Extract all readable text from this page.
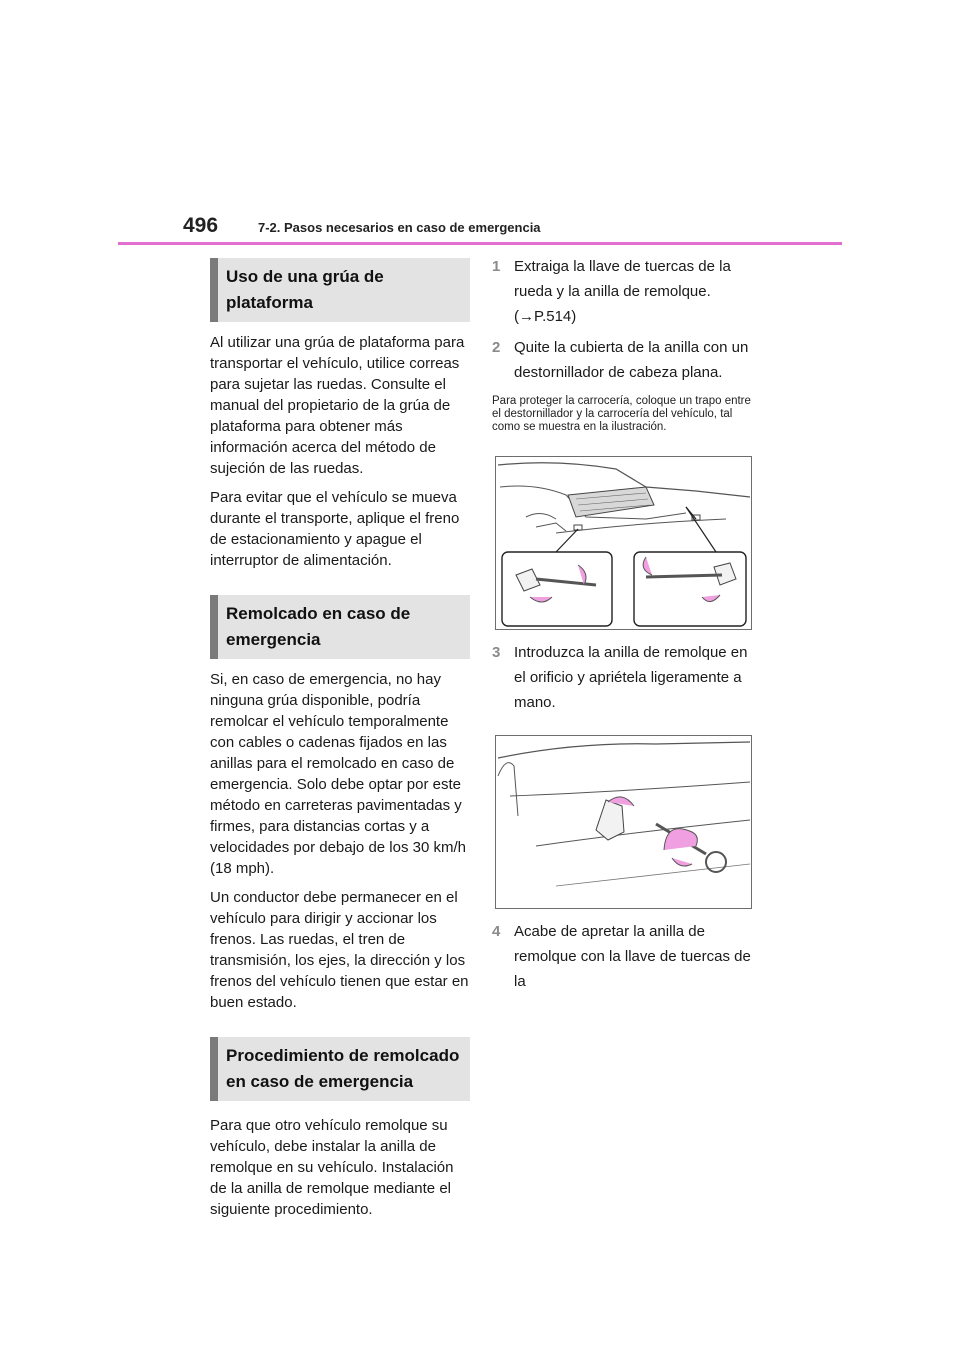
496	7-2. Pasos necesarios en caso de emergencia
Uso de una grúa de plataforma

Al utilizar una grúa de plataforma para transportar el vehículo, utilice correas para sujetar las ruedas. Consulte el manual del propietario de la grúa de plataforma para obtener más información acerca del método de sujeción de las ruedas.

Para evitar que el vehículo se mueva durante el transporte, aplique el freno de estacionamiento y apague el interruptor de alimentación.

Remolcado en caso de emergencia

Si, en caso de emergencia, no hay ninguna grúa disponible, podría remolcar el vehículo temporalmente con cables o cadenas fijados en las anillas para el remolcado en caso de emergencia. Solo debe optar por este método en carreteras pavimentadas y firmes, para distancias cortas y a velocidades por debajo de los 30 km/h (18 mph).

Un conductor debe permanecer en el vehículo para dirigir y accionar los frenos. Las ruedas, el tren de transmisión, los ejes, la dirección y los frenos del vehículo tienen que estar en buen estado.

Procedimiento de remolcado en caso de emergencia

Para que otro vehículo remolque su vehículo, debe instalar la anilla de remolque en su vehículo. Instalación de la anilla de remolque mediante el siguiente procedimiento.

1 Extraiga la llave de tuercas de la rueda y la anilla de remolque. (→P.514)
2 Quite la cubierta de la anilla con un destornillador de cabeza plana.

Para proteger la carrocería, coloque un trapo entre el destornillador y la carrocería del vehículo, tal como se muestra en la ilustración.

3 Introduzca la anilla de remolque en el orificio y apriétela ligeramente a mano.
4 Acabe de apretar la anilla de remolque con la llave de tuercas de la
